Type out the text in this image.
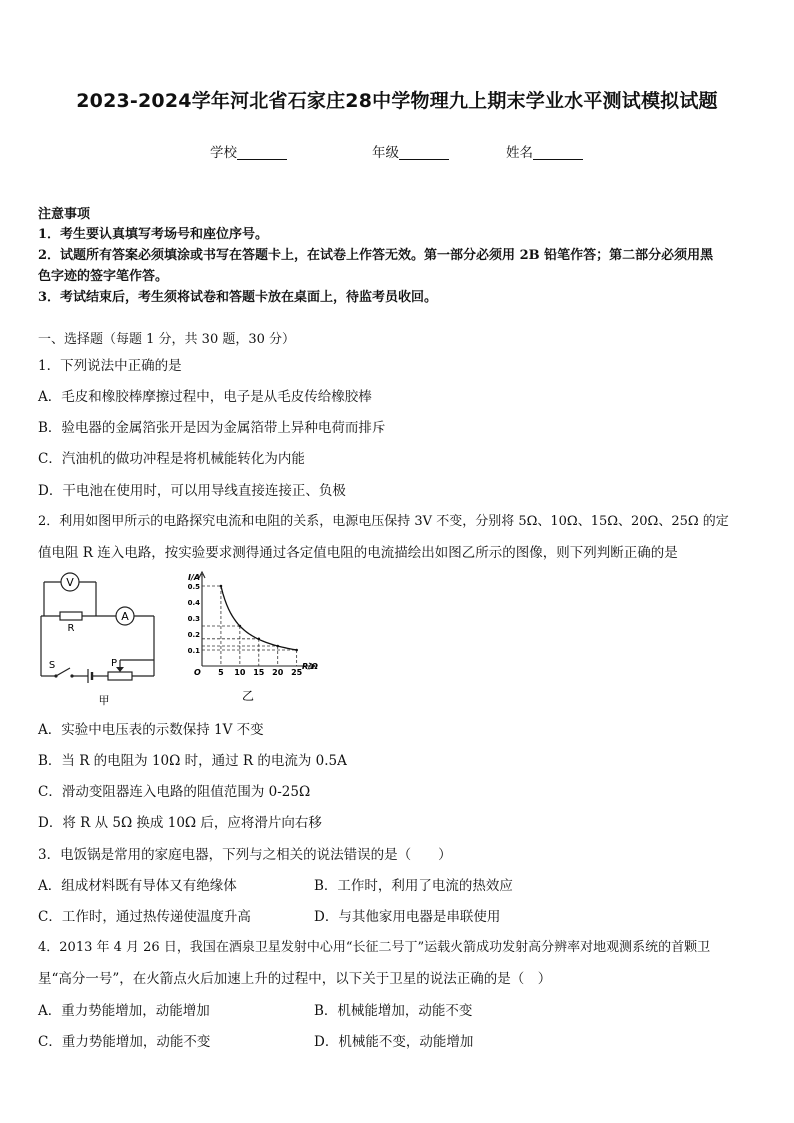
2023-2024学年河北省石家庄28中学物理九上期末学业水平测试模拟试题
学校	年级	姓名
注意事项
1．考生要认真填写考场号和座位序号。
2．试题所有答案必须填涂或书写在答题卡上，在试卷上作答无效。第一部分必须用 2B 铅笔作答；第二部分必须用黑
色字迹的签字笔作答。
3．考试结束后，考生须将试卷和答题卡放在桌面上，待监考员收回。
一、选择题（每题 1 分，共 30 题，30 分）
1．下列说法中正确的是
A．毛皮和橡胶棒摩擦过程中，电子是从毛皮传给橡胶棒
B．验电器的金属箔张开是因为金属箔带上异种电荷而排斥
C．汽油机的做功冲程是将机械能转化为内能
D．干电池在使用时，可以用导线直接连接正、负极
2．利用如图甲所示的电路探究电流和电阻的关系，电源电压保持 3V 不变，分别将 5Ω、10Ω、15Ω、20Ω、25Ω 的定
值电阻 R 连入电路，按实验要求测得通过各定值电阻的电流描绘出如图乙所示的图像，则下列判断正确的是
V
A
R
S	P
甲
5 10 15 20 25
0.5
0.4
0.3
0.2
0.1
I/A
R/Ω
O
乙
A．实验中电压表的示数保持 1V 不变
B．当 R 的电阻为 10Ω 时，通过 R 的电流为 0.5A
C．滑动变阻器连入电路的阻值范围为 0-25Ω
D．将 R 从 5Ω 换成 10Ω 后，应将滑片向右移
3．电饭锅是常用的家庭电器，下列与之相关的说法错误的是（　　）
A．组成材料既有导体又有绝缘体	B．工作时，利用了电流的热效应
C．工作时，通过热传递使温度升高	D．与其他家用电器是串联使用
4．2013 年 4 月 26 日，我国在酒泉卫星发射中心用“长征二号丁”运载火箭成功发射高分辨率对地观测系统的首颗卫
星“高分一号”，在火箭点火后加速上升的过程中，以下关于卫星的说法正确的是（　）
A．重力势能增加，动能增加	B．机械能增加，动能不变
C．重力势能增加，动能不变	D．机械能不变，动能增加
